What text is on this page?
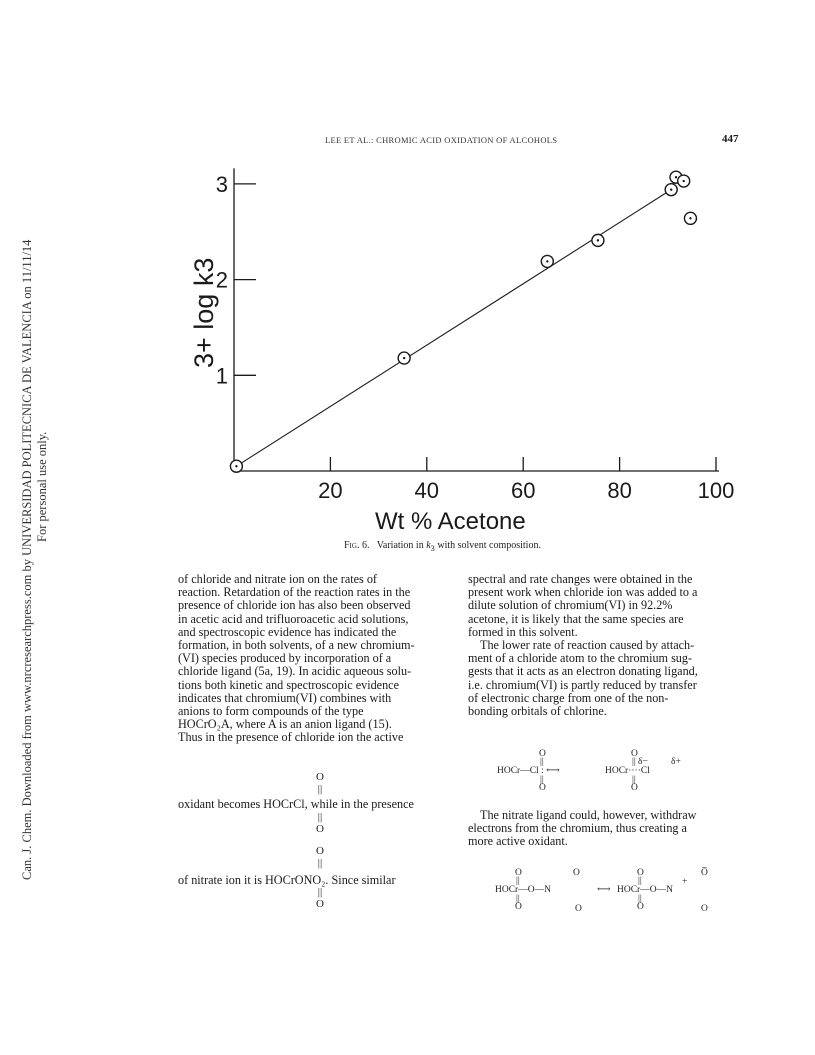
Can. J. Chem. Downloaded from www.nrcresearchpress.com by UNIVERSIDAD POLITECNICA DE VALENCIA on 11/11/14 For personal use only.
LEE ET AL.: CHROMIC ACID OXIDATION OF ALCOHOLS	447
20	40	60	80	100
1
2
3
3+ log k3
Wt % Acetone
Fig. 6. Variation in $k_3$ with solvent composition.

of chloride and nitrate ion on the rates of

reaction. Retardation of the reaction rates in the

presence of chloride ion has also been observed

in acetic acid and trifluoroacetic acid solutions,

and spectroscopic evidence has indicated the

formation, in both solvents, of a new chromium-

(VI) species produced by incorporation of a

chloride ligand (5a, 19). In acidic aqueous solu-

tions both kinetic and spectroscopic evidence

indicates that chromium(VI) combines with

anions to form compounds of the type

HOCrO₂A, where A is an anion ligand (15).

Thus in the presence of chloride ion the active

O
||
||
O
oxidant becomes HOCrCl, while in the presence
O
||
||
O
of nitrate ion it is HOCrONO₂. Since similar

spectral and rate changes were obtained in the

present work when chloride ion was added to a

dilute solution of chromium(VI) in 92.2%

acetone, it is likely that the same species are

formed in this solvent.

The lower rate of reaction caused by attach-

ment of a chloride atom to the chromium sug-

gests that it acts as an electron donating ligand,

i.e. chromium(VI) is partly reduced by transfer

of electronic charge from one of the non-

bonding orbitals of chlorine.

O
||
HOCr—Cl : ⟷
||
O
O
|| δ− δ+
HOCr····Cl
||
O

The nitrate ligand could, however, withdraw

electrons from the chromium, thus creating a

more active oxidant.

O
||
HOCr—O—N
||
O
O
O
⟷
O
||
HOCr—O—N
||
O
+
O̅
O
